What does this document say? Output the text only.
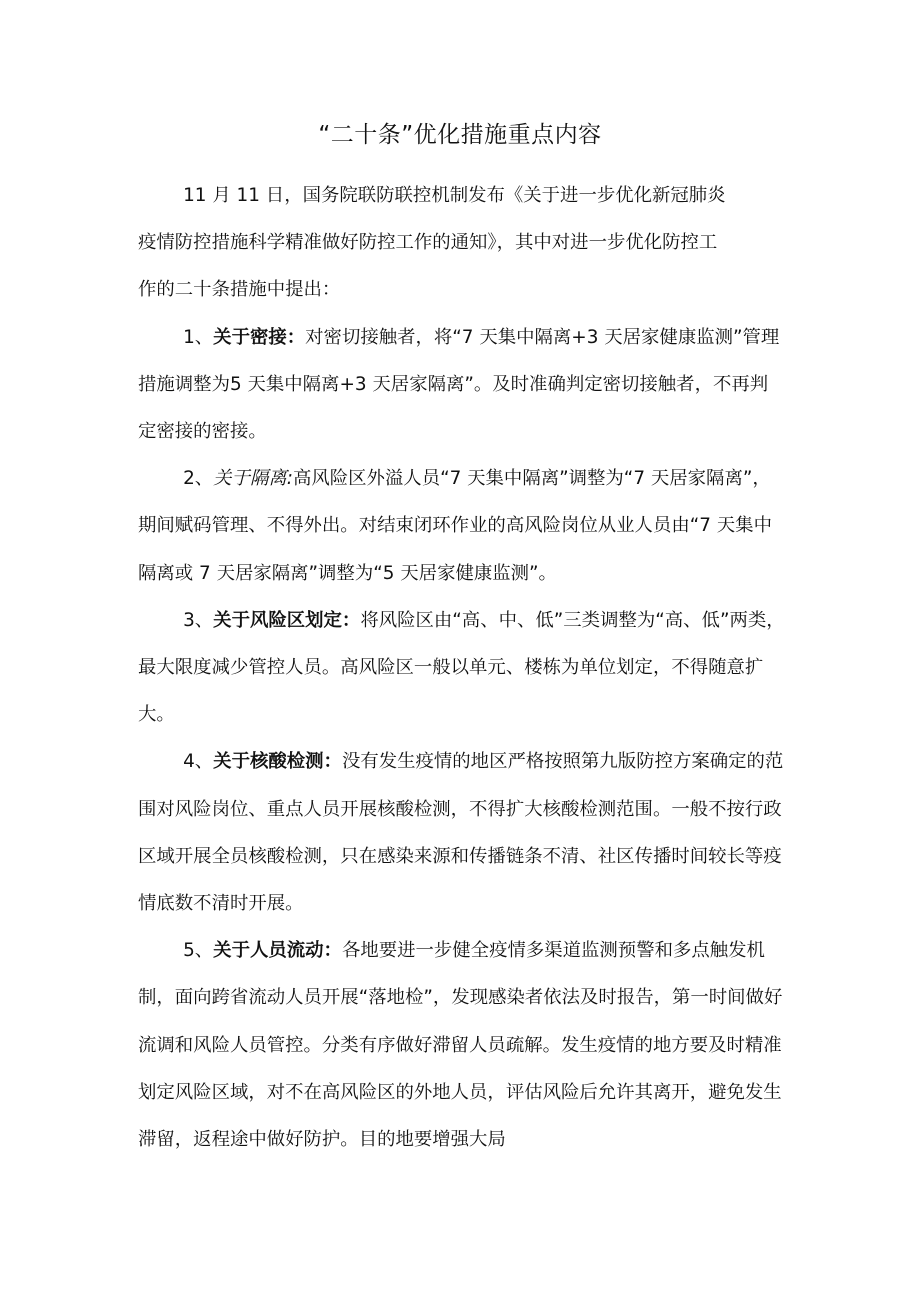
“二十条”优化措施重点内容

11 月 11 日，国务院联防联控机制发布《关于进一步优化新冠肺炎疫情防控措施科学精准做好防控工作的通知》，其中对进一步优化防控工作的二十条措施中提出：

1、关于密接：对密切接触者，将“7 天集中隔离+3 天居家健康监测”管理措施调整为5 天集中隔离+3 天居家隔离”。及时准确判定密切接触者，不再判定密接的密接。

2、关于隔离:高风险区外溢人员“7 天集中隔离”调整为“7 天居家隔离”，期间赋码管理、不得外出。对结束闭环作业的高风险岗位从业人员由“7 天集中隔离或 7 天居家隔离”调整为“5 天居家健康监测”。

3、关于风险区划定：将风险区由“高、中、低”三类调整为“高、低”两类，最大限度减少管控人员。高风险区一般以单元、楼栋为单位划定，不得随意扩大。

4、关于核酸检测：没有发生疫情的地区严格按照第九版防控方案确定的范围对风险岗位、重点人员开展核酸检测，不得扩大核酸检测范围。一般不按行政区域开展全员核酸检测，只在感染来源和传播链条不清、社区传播时间较长等疫情底数不清时开展。

5、关于人员流动：各地要进一步健全疫情多渠道监测预警和多点触发机制，面向跨省流动人员开展“落地检”，发现感染者依法及时报告，第一时间做好流调和风险人员管控。分类有序做好滞留人员疏解。发生疫情的地方要及时精准划定风险区域，对不在高风险区的外地人员，评估风险后允许其离开，避免发生滞留，返程途中做好防护。目的地要增强大局
